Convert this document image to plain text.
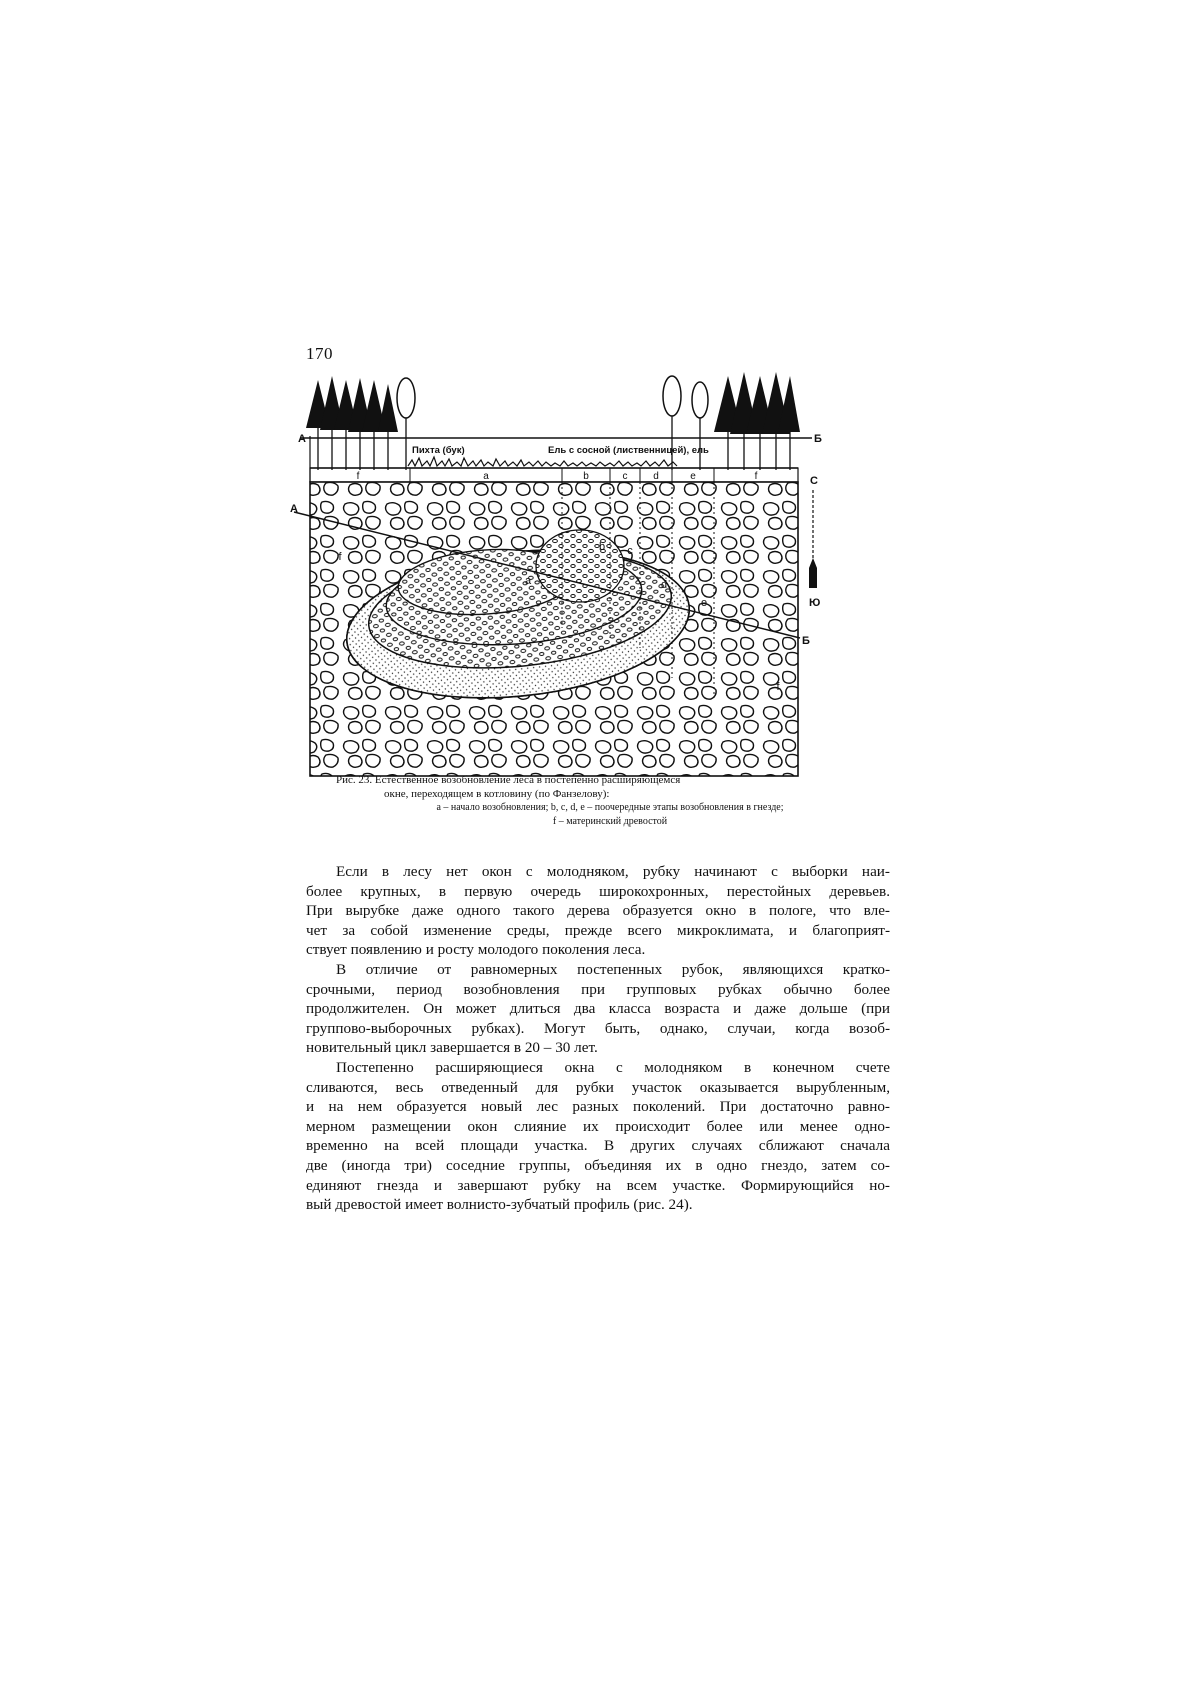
170
А	Б
Пихта (бук)	Ель с сосной (лиственницей), ель
f	a	b	c	d	e	f
А
Б
f
a
b c
d
e
f
С
Ю
Рис. 23. Естественное возобновление леса в постепенно расширяющемся
окне, переходящем в котловину (по Фанзелову):
a – начало возобновления; b, c, d, e – поочередные этапы возобновления в гнезде;
f – материнский древостой

Если в лесу нет окон с молодняком, рубку начинают с выборки наи-
более крупных, в первую очередь широкохронных, перестойных деревьев.
При вырубке даже одного такого дерева образуется окно в пологе, что вле-
чет за собой изменение среды, прежде всего микроклимата, и благоприят-
ствует появлению и росту молодого поколения леса.

В отличие от равномерных постепенных рубок, являющихся кратко-
срочными, период возобновления при групповых рубках обычно более
продолжителен. Он может длиться два класса возраста и даже дольше (при
группово-выборочных рубках). Могут быть, однако, случаи, когда возоб-
новительный цикл завершается в 20 – 30 лет.

Постепенно расширяющиеся окна с молодняком в конечном счете
сливаются, весь отведенный для рубки участок оказывается вырубленным,
и на нем образуется новый лес разных поколений. При достаточно равно-
мерном размещении окон слияние их происходит более или менее одно-
временно на всей площади участка. В других случаях сближают сначала
две (иногда три) соседние группы, объединяя их в одно гнездо, затем со-
единяют гнезда и завершают рубку на всем участке. Формирующийся но-
вый древостой имеет волнисто-зубчатый профиль (рис. 24).
